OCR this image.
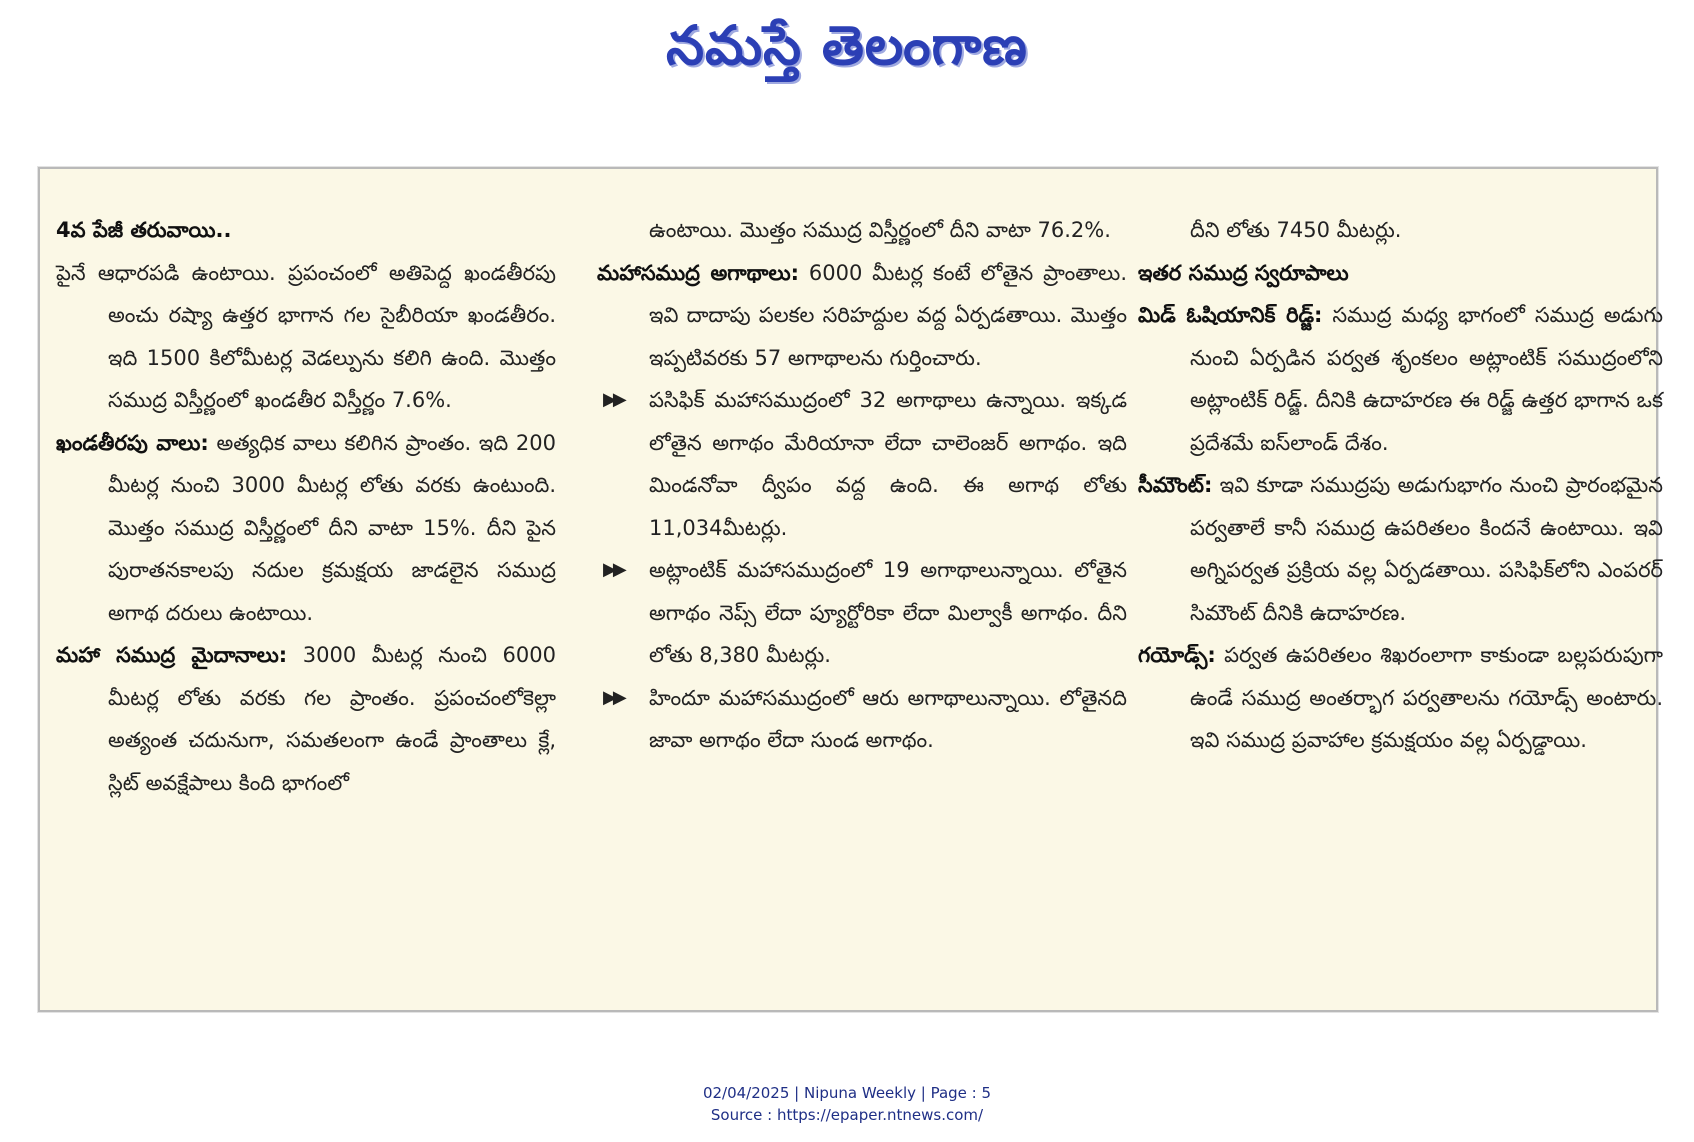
నమస్తే తెలంగాణ

4వ పేజీ తరువాయి..

పైనే ఆధారపడి ఉంటాయి. ప్రపంచంలో అతిపెద్ద ఖండతీరపు అంచు రష్యా ఉత్తర భాగాన గల సైబీరియా ఖండతీరం. ఇది 1500 కిలోమీటర్ల వెడల్పును కలిగి ఉంది. మొత్తం సముద్ర విస్తీర్ణంలో ఖండతీర విస్తీర్ణం 7.6%.

ఖండతీరపు వాలు: అత్యధిక వాలు కలిగిన ప్రాంతం. ఇది 200 మీటర్ల నుంచి 3000 మీటర్ల లోతు వరకు ఉంటుంది. మొత్తం సముద్ర విస్తీర్ణంలో దీని వాటా 15%. దీని పైన పురాతనకాలపు నదుల క్రమక్షయ జాడలైన సముద్ర అగాథ దరులు ఉంటాయి.

మహా సముద్ర మైదానాలు: 3000 మీటర్ల నుంచి 6000 మీటర్ల లోతు వరకు గల ప్రాంతం. ప్రపంచంలోకెల్లా అత్యంత చదునుగా, సమతలంగా ఉండే ప్రాంతాలు క్లే, స్లిట్ అవక్షేపాలు కింది భాగంలో

ఉంటాయి. మొత్తం సముద్ర విస్తీర్ణంలో దీని వాటా 76.2%.

మహాసముద్ర అగాథాలు: 6000 మీటర్ల కంటే లోతైన ప్రాంతాలు. ఇవి దాదాపు పలకల సరిహద్దుల వద్ద ఏర్పడతాయి. మొత్తం ఇప్పటివరకు 57 అగాథాలను గుర్తించారు.

▶▶ పసిఫిక్ మహాసముద్రంలో 32 అగాథాలు ఉన్నాయి. ఇక్కడ లోతైన అగాథం మేరియానా లేదా చాలెంజర్ అగాథం. ఇది మిండనోవా ద్వీపం వద్ద ఉంది. ఈ అగాథ లోతు 11,034మీటర్లు.

▶▶ అట్లాంటిక్ మహాసముద్రంలో 19 అగాథాలున్నాయి. లోతైన అగాథం నెప్స్ లేదా ప్యూర్టోరికా లేదా మిల్వాకీ అగాథం. దీని లోతు 8,380 మీటర్లు.

▶▶ హిందూ మహాసముద్రంలో ఆరు అగాథాలున్నాయి. లోతైనది జావా అగాథం లేదా సుండ అగాథం.

దీని లోతు 7450 మీటర్లు.

ఇతర సముద్ర స్వరూపాలు

మిడ్ ఓషియానిక్ రిడ్జ్: సముద్ర మధ్య భాగంలో సముద్ర అడుగు నుంచి ఏర్పడిన పర్వత శృంకలం అట్లాంటిక్ సముద్రంలోని అట్లాంటిక్ రిడ్జ్. దీనికి ఉదాహరణ ఈ రిడ్జ్ ఉత్తర భాగాన ఒక ప్రదేశమే ఐస్‌లాండ్ దేశం.

సీమౌంట్: ఇవి కూడా సముద్రపు అడుగుభాగం నుంచి ప్రారంభమైన పర్వతాలే కానీ సముద్ర ఉపరితలం కిందనే ఉంటాయి. ఇవి అగ్నిపర్వత ప్రక్రియ వల్ల ఏర్పడతాయి. పసిఫిక్‌లోని ఎంపరర్ సిమౌంట్ దీనికి ఉదాహరణ.

గయోడ్స్: పర్వత ఉపరితలం శిఖరంలాగా కాకుండా బల్లపరుపుగా ఉండే సముద్ర అంతర్భాగ పర్వతాలను గయోడ్స్ అంటారు. ఇవి సముద్ర ప్రవాహాల క్రమక్షయం వల్ల ఏర్పడ్డాయి.

02/04/2025 | Nipuna Weekly | Page : 5
Source : https://epaper.ntnews.com/
